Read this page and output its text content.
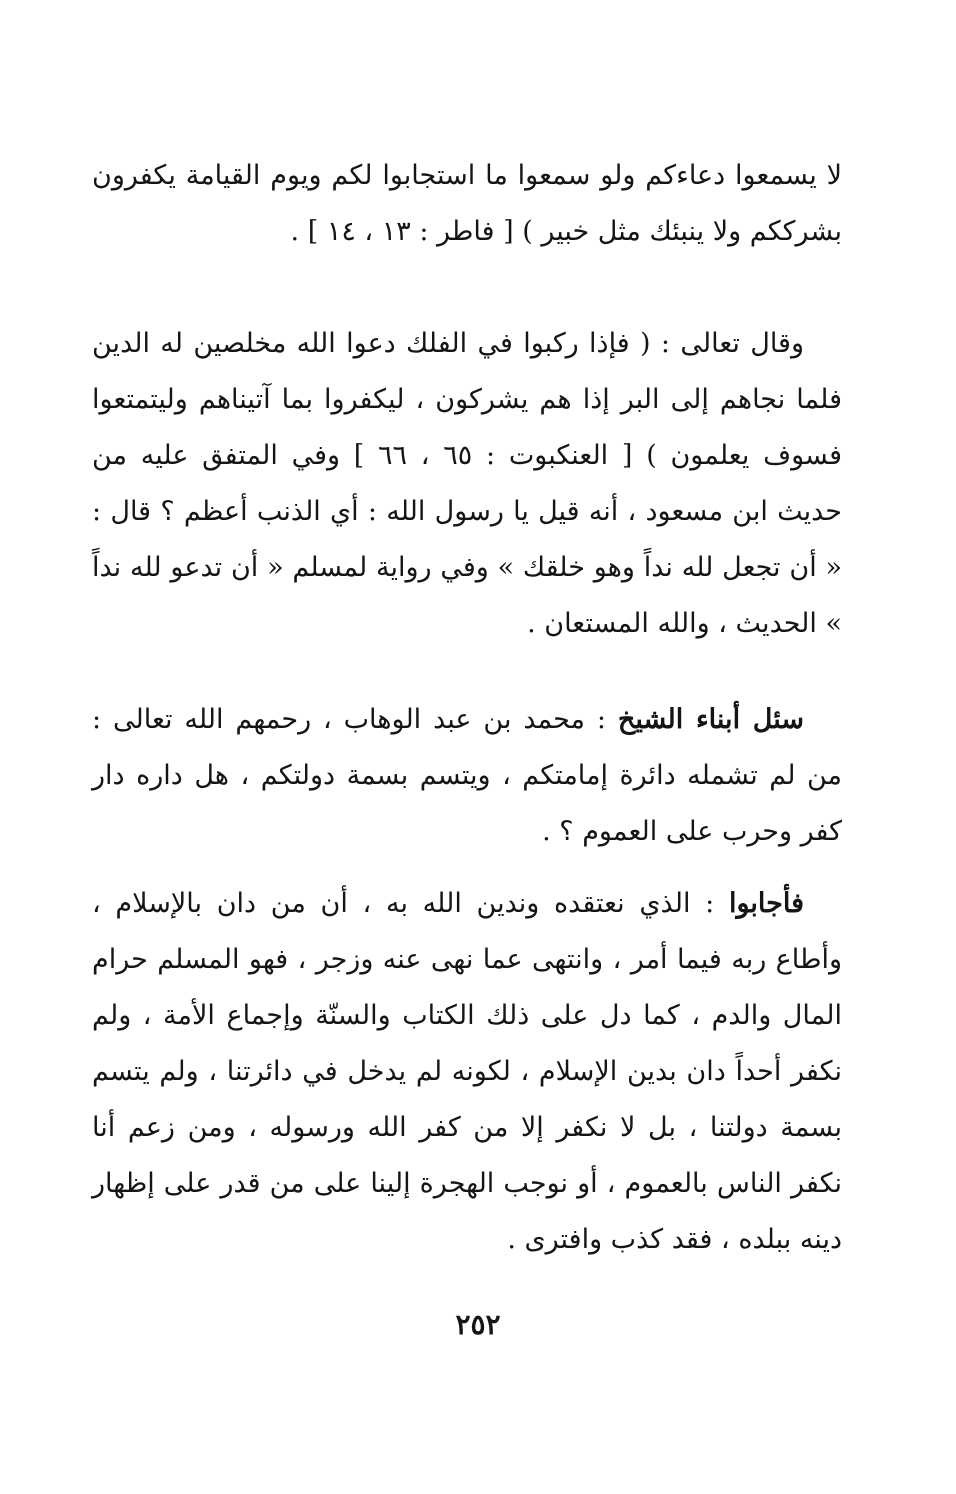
لا يسمعوا دعاءكم ولو سمعوا ما استجابوا لكم ويوم القيامة يكفرون بشرككم ولا ينبئك مثل خبير ) [ فاطر : ١٣ ، ١٤ ] .

وقال تعالى : ( فإذا ركبوا في الفلك دعوا الله مخلصين له الدين فلما نجاهم إلى البر إذا هم يشركون ، ليكفروا بما آتيناهم وليتمتعوا فسوف يعلمون ) [ العنكبوت : ٦٥ ، ٦٦ ] وفي المتفق عليه من حديث ابن مسعود ، أنه قيل يا رسول الله : أي الذنب أعظم ؟ قال : « أن تجعل لله نداً وهو خلقك » وفي رواية لمسلم « أن تدعو لله نداً » الحديث ، والله المستعان .

سئل أبناء الشيخ : محمد بن عبد الوهاب ، رحمهم الله تعالى : من لم تشمله دائرة إمامتكم ، ويتسم بسمة دولتكم ، هل داره دار كفر وحرب على العموم ؟ .

فأجابوا : الذي نعتقده وندين الله به ، أن من دان بالإسلام ، وأطاع ربه فيما أمر ، وانتهى عما نهى عنه وزجر ، فهو المسلم حرام المال والدم ، كما دل على ذلك الكتاب والسنّة وإجماع الأمة ، ولم نكفر أحداً دان بدين الإسلام ، لكونه لم يدخل في دائرتنا ، ولم يتسم بسمة دولتنا ، بل لا نكفر إلا من كفر الله ورسوله ، ومن زعم أنا نكفر الناس بالعموم ، أو نوجب الهجرة إلينا على من قدر على إظهار دينه ببلده ، فقد كذب وافترى .

٢٥٢
